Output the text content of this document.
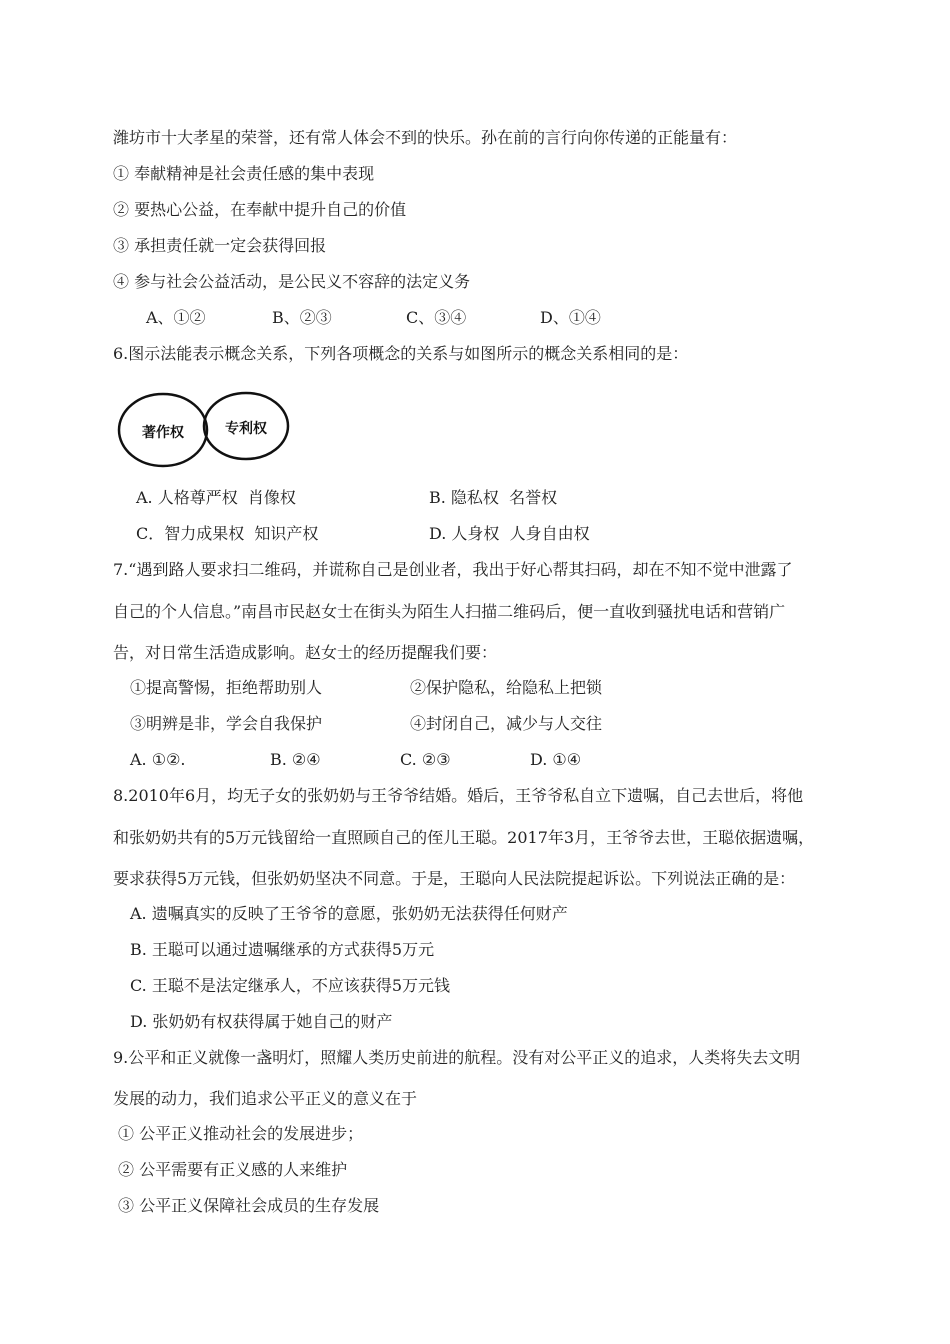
潍坊市十大孝星的荣誉，还有常人体会不到的快乐。孙在前的言行向你传递的正能量有：
① 奉献精神是社会责任感的集中表现
② 要热心公益，在奉献中提升自己的价值
③ 承担责任就一定会获得回报
④ 参与社会公益活动，是公民义不容辞的法定义务
A、①②	B、②③	C、③④	D、①④
6.图示法能表示概念关系，下列各项概念的关系与如图所示的概念关系相同的是：
著作权	专利权
A. 人格尊严权  肖像权	B. 隐私权  名誉权
C．智力成果权  知识产权	D. 人身权  人身自由权
7.“遇到路人要求扫二维码，并谎称自己是创业者，我出于好心帮其扫码，却在不知不觉中泄露了
自己的个人信息。”南昌市民赵女士在街头为陌生人扫描二维码后，便一直收到骚扰电话和营销广
告，对日常生活造成影响。赵女士的经历提醒我们要：
①提高警惕，拒绝帮助别人	②保护隐私，给隐私上把锁
③明辨是非，学会自我保护	④封闭自己，减少与人交往
A. ①②.	B. ②④	C. ②③	D. ①④
8.2010年6月，均无子女的张奶奶与王爷爷结婚。婚后，王爷爷私自立下遗嘱，自己去世后，将他
和张奶奶共有的5万元钱留给一直照顾自己的侄儿王聪。2017年3月，王爷爷去世，王聪依据遗嘱，
要求获得5万元钱，但张奶奶坚决不同意。于是，王聪向人民法院提起诉讼。下列说法正确的是：
A. 遗嘱真实的反映了王爷爷的意愿，张奶奶无法获得任何财产
B. 王聪可以通过遗嘱继承的方式获得5万元
C. 王聪不是法定继承人，不应该获得5万元钱
D. 张奶奶有权获得属于她自己的财产
9.公平和正义就像一盏明灯，照耀人类历史前进的航程。没有对公平正义的追求，人类将失去文明
发展的动力，我们追求公平正义的意义在于
① 公平正义推动社会的发展进步；
② 公平需要有正义感的人来维护
③ 公平正义保障社会成员的生存发展
